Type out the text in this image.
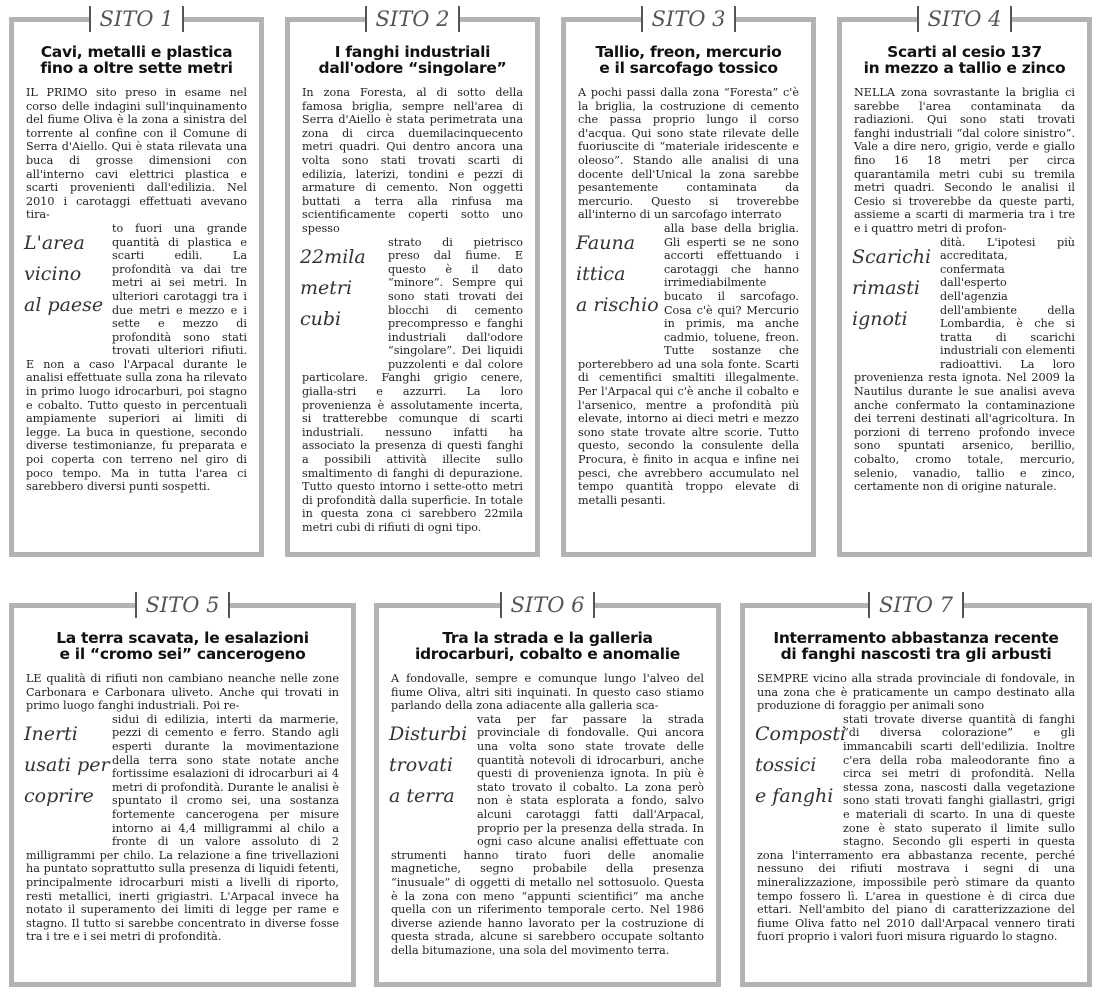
SITO 1
Cavi, metalli e plastica
fino a oltre sette metri

IL PRIMO sito preso in esame nel corso delle indagini sull'inquinamento del fiume Oliva è la zona a sinistra del torrente al confine con il Comune di Serra d'Aiello. Qui è stata rilevata una buca di grosse dimensioni con all'interno cavi elettrici plastica e scarti provenienti dall'edilizia. Nel 2010 i carotaggi effettuati avevano tira-

L'area
vicino
al paese

to fuori una grande quantità di plastica e scarti edili. La profondità va dai tre metri ai sei metri. In ulteriori carotaggi tra i due metri e mezzo e i sette e mezzo di profondità sono stati trovati ulteriori rifiuti. E non a caso l'Arpacal durante le analisi effettuate sulla zona ha rilevato in primo luogo idrocarburi, poi stagno e cobalto. Tutto questo in percentuali ampiamente superiori ai limiti di legge. La buca in questione, secondo diverse testimonianze, fu preparata e poi coperta con terreno nel giro di poco tempo. Ma in tutta l'area ci sarebbero diversi punti sospetti.

SITO 2
I fanghi industriali
dall'odore “singolare”

In zona Foresta, al di sotto della famosa briglia, sempre nell'area di Serra d'Aiello è stata perimetrata una zona di circa duemilacinquecento metri quadri. Qui dentro ancora una volta sono stati trovati scarti di edilizia, laterizi, tondini e pezzi di armature di cemento. Non oggetti buttati a terra alla rinfusa ma scientificamente coperti sotto uno spesso

22mila
metri
cubi

strato di pietrisco preso dal fiume. E questo è il dato “minore”. Sempre qui sono stati trovati dei blocchi di cemento precompresso e fanghi industriali dall'odore “singolare”. Dei liquidi puzzolenti e dal colore particolare. Fanghi grigio cenere, gialla-stri e azzurri. La loro provenienza è assolutamente incerta, si tratterebbe comunque di scarti industriali. nessuno infatti ha associato la presenza di questi fanghi a possibili attività illecite sullo smaltimento di fanghi di depurazione. Tutto questo intorno i sette-otto metri di profondità dalla superficie. In totale in questa zona ci sarebbero 22mila metri cubi di rifiuti di ogni tipo.

SITO 3
Tallio, freon, mercurio
e il sarcofago tossico

A pochi passi dalla zona “Foresta” c'è la briglia, la costruzione di cemento che passa proprio lungo il corso d'acqua. Qui sono state rilevate delle fuoriuscite di “materiale iridescente e oleoso”. Stando alle analisi di una docente dell'Unical la zona sarebbe pesantemente contaminata da mercurio. Questo si troverebbe all'interno di un sarcofago interrato

Fauna
ittica
a rischio

alla base della briglia. Gli esperti se ne sono accorti effettuando i carotaggi che hanno irrimediabilmente bucato il sarcofago. Cosa c'è qui? Mercurio in primis, ma anche cadmio, toluene, freon. Tutte sostanze che porterebbero ad una sola fonte. Scarti di cementifici smaltiti illegalmente. Per l'Arpacal qui c'è anche il cobalto e l'arsenico, mentre a profondità più elevate, intorno ai dieci metri e mezzo sono state trovate altre scorie. Tutto questo, secondo la consulente della Procura, è finito in acqua e infine nei pesci, che avrebbero accumulato nel tempo quantità troppo elevate di metalli pesanti.

SITO 4
Scarti al cesio 137
in mezzo a tallio e zinco

NELLA zona sovrastante la briglia ci sarebbe l'area contaminata da radiazioni. Qui sono stati trovati fanghi industriali “dal colore sinistro”. Vale a dire nero, grigio, verde e giallo fino 16 18 metri per circa quarantamila metri cubi su tremila metri quadri. Secondo le analisi il Cesio si troverebbe da queste parti, assieme a scarti di marmeria tra i tre e i quattro metri di profon-

Scarichi
rimasti
ignoti

dità. L'ipotesi più accreditata, confermata dall'esperto dell'agenzia dell'ambiente della Lombardia, è che si tratta di scarichi industriali con elementi radioattivi. La loro provenienza resta ignota. Nel 2009 la Nautilus durante le sue analisi aveva anche confermato la contaminazione dei terreni destinati all'agricoltura. In porzioni di terreno profondo invece sono spuntati arsenico, berillio, cobalto, cromo totale, mercurio, selenio, vanadio, tallio e zinco, certamente non di origine naturale.

SITO 5
La terra scavata, le esalazioni
e il “cromo sei” cancerogeno

LE qualità di rifiuti non cambiano neanche nelle zone Carbonara e Carbonara uliveto. Anche qui trovati in primo luogo fanghi industriali. Poi re-

Inerti
usati per
coprire

sidui di edilizia, interti da marmerie, pezzi di cemento e ferro. Stando agli esperti durante la movimentazione della terra sono state notate anche fortissime esalazioni di idrocarburi ai 4 metri di profondità. Durante le analisi è spuntato il cromo sei, una sostanza fortemente cancerogena per misure intorno ai 4,4 milligrammi al chilo a fronte di un valore assoluto di 2 milligrammi per chilo. La relazione a fine trivellazioni ha puntato soprattutto sulla presenza di liquidi fetenti, principalmente idrocarburi misti a livelli di riporto, resti metallici, inerti grigiastri. L'Arpacal invece ha notato il superamento dei limiti di legge per rame e stagno. Il tutto si sarebbe concentrato in diverse fosse tra i tre e i sei metri di profondità.

SITO 6
Tra la strada e la galleria
idrocarburi, cobalto e anomalie

A fondovalle, sempre e comunque lungo l'alveo del fiume Oliva, altri siti inquinati. In questo caso stiamo parlando della zona adiacente alla galleria sca-

Disturbi
trovati
a terra

vata per far passare la strada provinciale di fondovalle. Qui ancora una volta sono state trovate delle quantità notevoli di idrocarburi, anche questi di provenienza ignota. In più è stato trovato il cobalto. La zona però non è stata esplorata a fondo, salvo alcuni carotaggi fatti dall'Arpacal, proprio per la presenza della strada. In ogni caso alcune analisi effettuate con strumenti hanno tirato fuori delle anomalie magnetiche, segno probabile della presenza “inusuale” di oggetti di metallo nel sottosuolo. Questa è la zona con meno “appunti scientifici” ma anche quella con un riferimento temporale certo. Nel 1986 diverse aziende hanno lavorato per la costruzione di questa strada, alcune si sarebbero occupate soltanto della bitumazione, una sola del movimento terra.

SITO 7
Interramento abbastanza recente
di fanghi nascosti tra gli arbusti

SEMPRE vicino alla strada provinciale di fondovale, in una zona che è praticamente un campo destinato alla produzione di foraggio per animali sono

Composti
tossici
e fanghi

stati trovate diverse quantità di fanghi “di diversa colorazione” e gli immancabili scarti dell'edilizia. Inoltre c'era della roba maleodorante fino a circa sei metri di profondità. Nella stessa zona, nascosti dalla vegetazione sono stati trovati fanghi giallastri, grigi e materiali di scarto. In una di queste zone è stato superato il limite sullo stagno. Secondo gli esperti in questa zona l'interramento era abbastanza recente, perché nessuno dei rifiuti mostrava i segni di una mineralizzazione, impossibile però stimare da quanto tempo fossero lì. L'area in questione è di circa due ettari. Nell'ambito del piano di caratterizzazione del fiume Oliva fatto nel 2010 dall'Arpacal vennero tirati fuori proprio i valori fuori misura riguardo lo stagno.
